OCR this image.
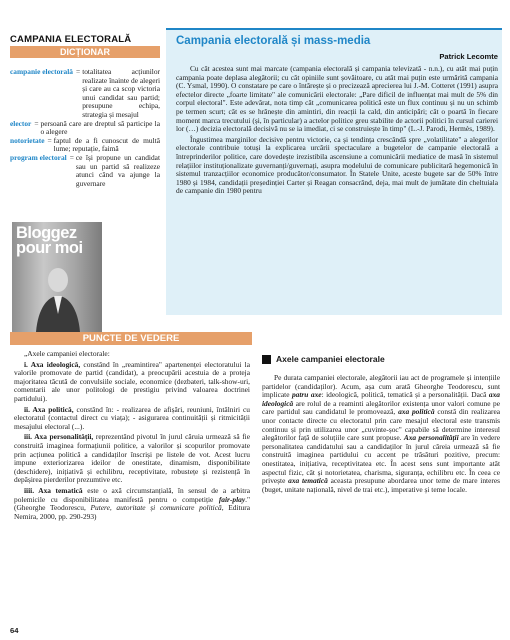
CAMPANIA ELECTORALĂ
DICȚIONAR
campanie electorală = totalitatea acțiunilor realizate înainte de alegeri și care au ca scop victoria unui candidat sau partid; presupune echipa, strategia și mesajul
elector = persoană care are dreptul să participe la o alegere
notorietate = faptul de a fi cunoscut de multă lume; reputație, faimă
program electoral = ce își propune un candidat sau un partid să realizeze atunci când va ajunge la guvernare
Bloggez
pour moi
Campania electorală și mass-media
Patrick Lecomte

Cu cât acestea sunt mai marcate (campania electorală și campania televizată - n.n.), cu atât mai puțin campania poate deplasa alegătorii; cu cât opiniile sunt șovăitoare, cu atât mai puțin este urmărită campania (C. Ysmal, 1990). O constatare pe care o întărește și o precizează aprecierea lui J.-M. Cotteret (1991) asupra efectelor directe „foarte limitate" ale comunicării electorale: „Pare dificil de influențat mai mult de 5% din corpul electoral". Este adevărat, nota timp cât „comunicarea politică este un flux continuu și nu un schimb pe termen scurt; cât es se hrănește din amintiri, din reacții la cald, din anticipări; cât o poartă în fiecare moment marca trecutului (și, în particular) a actelor politice greu stabilite de actorii politici în cursul carierei lor (…) decizia electorală decisivă nu se ia imediat, ci se construiește în timp" (L.-J. Parodi, Hermès, 1989).

Îngustimea marginilor decisive pentru victorie, ca și tendința crescândă spre „volatilitate" a alegerilor electorale contribuie totuși la explicarea urcării spectaculare a bugetelor de campanie electorală a întreprinderilor politice, care dovedește irezistibila ascensiune a comunicării mediatice de masă în sistemul relațiilor instituționalizate guvernanți/guvernați, asupra modelului de comunicare publicitară hegemonică în sistemul tranzacțiilor economice producător/consumator. În Statele Unite, aceste bugete sar de 50% între 1980 și 1984, candidații președinției Carter și Reagan consacrând, deja, mai mult de jumătate din cheltuiala de campanie din 1980 pentru

PUNCTE DE VEDERE

„Axele campaniei electorale:

i. Axa ideologică, constând în „reamintirea" apartenenței electoratului la valorile promovate de partid (candidat), a preocupării acestuia de a proteja majoritatea tăcută de convulsiile sociale, economice (dezbateri, talk-show-uri, comentarii ale unor politologi de prestigiu privind valoarea doctrinei partidului).

ii. Axa politică, constând în: - realizarea de afișări, reuniuni, întâlniri cu electoratul (contactul direct cu viața); - asigurarea continuității și ritmicității mesajului electoral (...).

iii. Axa personalității, reprezentând pivotul în jurul căruia urmează să fie construită imaginea formațiunii politice, a valorilor și scopurilor promovate prin acțiunea politică a candidaților înscriși pe listele de vot. Acest lucru impune exteriorizarea ideilor de onestitate, dinamism, disponibilitate (deschidere), inițiativă și echilibru, receptivitate, robustețe și rezistență în depășirea pierderilor prezumtive etc.

iiii. Axa tematică este o axă circumstanțială, în sensul de a arbitra polemicile cu disponibilitatea manifestă pentru o competiție fair-play." (Gheorghe Teodorescu, Putere, autoritate și comunicare politică, Editura Nemira, 2000, pp. 290-293)

64
Axele campaniei electorale

Pe durata campaniei electorale, alegătorii iau act de programele și intențiile partidelor (candidaților). Acum, așa cum arată Gheorghe Teodorescu, sunt implicate patru axe: ideologică, politică, tematică și a personalității. Dacă axa ideologică are rolul de a reaminti alegătorilor existența unor valori comune pe care partidul sau candidatul le promovează, axa politică constă din realizarea unor contacte directe cu electoratul prin care mesajul electoral este transmis continuu și prin utilizarea unor „cuvinte-șoc" capabile să determine interesul alegătorilor față de soluțiile care sunt propuse. Axa personalității are în vedere personalitatea candidatului sau a candidaților în jurul căreia urmează să fie construită imaginea partidului cu accent pe trăsături pozitive, precum: onestitatea, inițiativa, receptivitatea etc. În acest sens sunt importante atât aspectul fizic, cât și notorietatea, charisma, siguranța, echilibru etc. În ceea ce privește axa tematică aceasta presupune abordarea unor teme de mare interes (buget, unitate națională, nivel de trai etc.), imperative și teme locale.
